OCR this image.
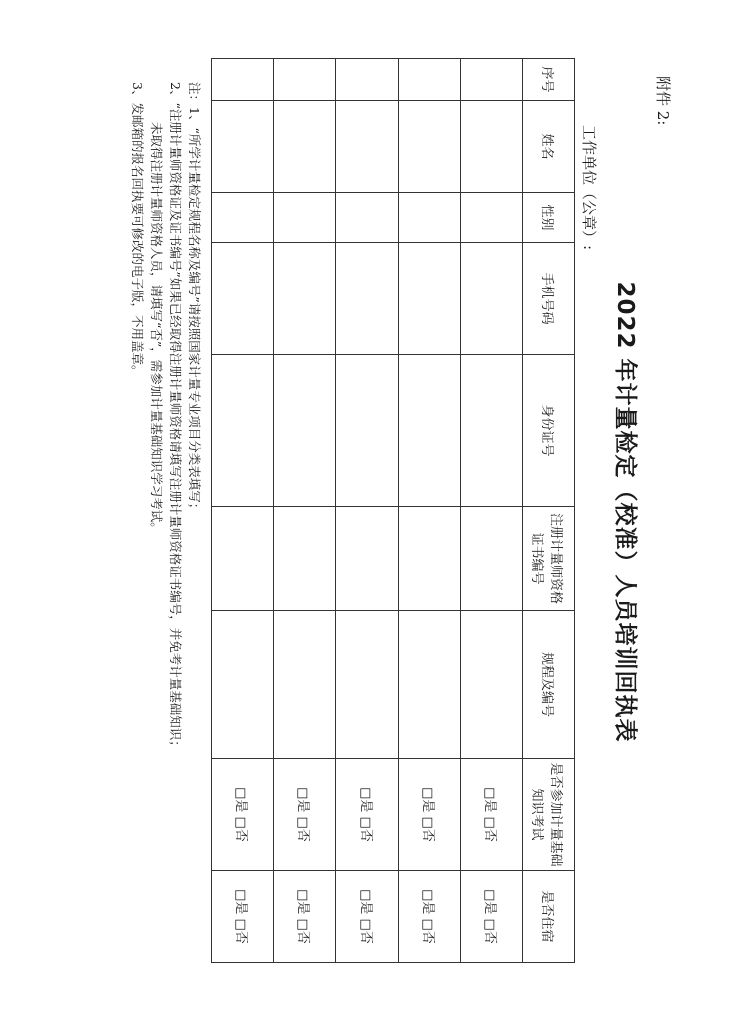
附件 2:
2022 年计量检定（校准）人员培训回执表
工作单位（公章）:
序号	姓名	性别	手机号码	身份证号	注册计量师资格证书编号	规程及编号	是否参加计量基础知识考试	是否住宿
							□是 □否	□是 □否
							□是 □否	□是 □否
							□是 □否	□是 □否
							□是 □否	□是 □否
							□是 □否	□是 □否
注：1、“所学计量检定规程名称及编号”请按照国家计量专业项目分类表填写；
2、“注册计量师资格证及证书编号”如果已经取得注册计量师资格请填写注册计量师资格证书编号，并免考计量基础知识；
未取得注册计量师资格人员，请填写“否”，需参加计量基础知识学习考试。
3、发邮箱的报名回执要可修改的电子版，不用盖章。
